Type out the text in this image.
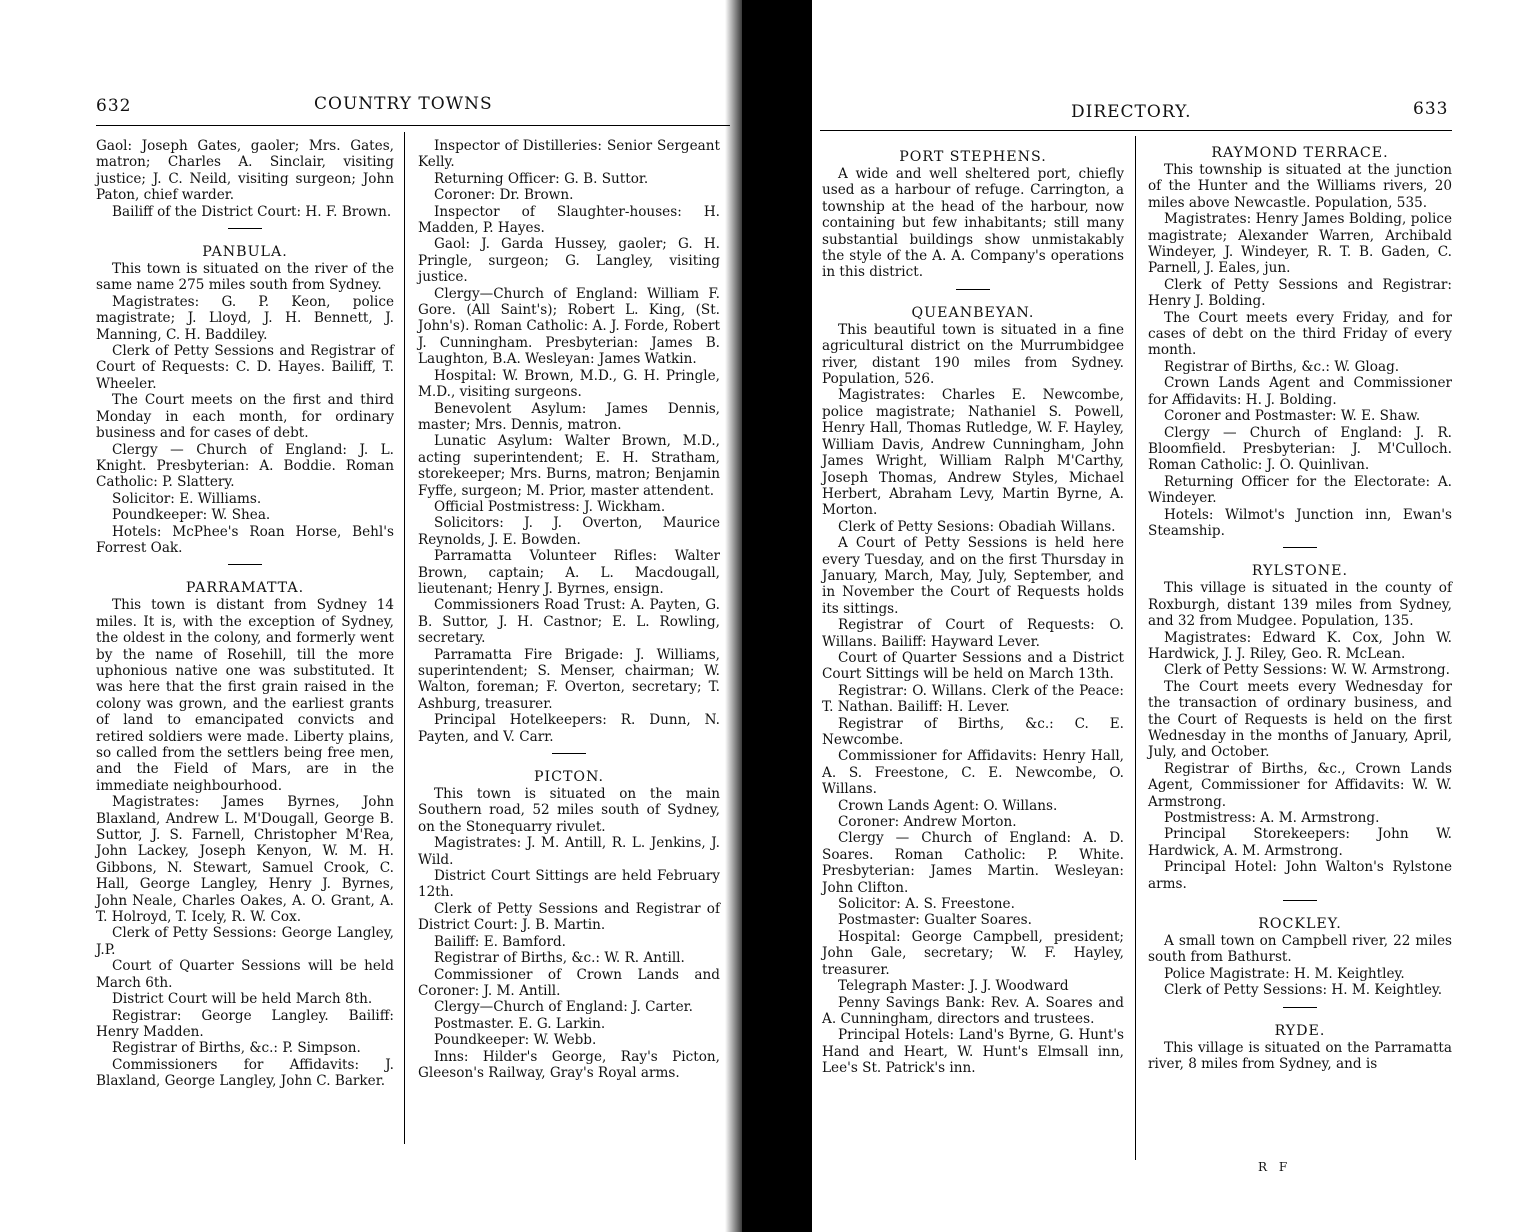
632	COUNTRY TOWNS	DIRECTORY.	633

Gaol: Joseph Gates, gaoler; Mrs. Gates, matron; Charles A. Sinclair, visiting justice; J. C. Neild, visiting surgeon; John Paton, chief warder.

Bailiff of the District Court: H. F. Brown.

PANBULA.

This town is situated on the river of the same name 275 miles south from Sydney.

Magistrates: G. P. Keon, police magistrate; J. Lloyd, J. H. Bennett, J. Manning, C. H. Baddiley.

Clerk of Petty Sessions and Registrar of Court of Requests: C. D. Hayes. Bailiff, T. Wheeler.

The Court meets on the first and third Monday in each month, for ordinary business and for cases of debt.

Clergy — Church of England: J. L. Knight. Presbyterian: A. Boddie. Roman Catholic: P. Slattery.

Solicitor: E. Williams.

Poundkeeper: W. Shea.

Hotels: McPhee's Roan Horse, Behl's Forrest Oak.

PARRAMATTA.

This town is distant from Sydney 14 miles. It is, with the exception of Sydney, the oldest in the colony, and formerly went by the name of Rosehill, till the more uphonious native one was substituted. It was here that the first grain raised in the colony was grown, and the earliest grants of land to emancipated convicts and retired soldiers were made. Liberty plains, so called from the settlers being free men, and the Field of Mars, are in the immediate neighbourhood.

Magistrates: James Byrnes, John Blaxland, Andrew L. M'Dougall, George B. Suttor, J. S. Farnell, Christopher M'Rea, John Lackey, Joseph Kenyon, W. M. H. Gibbons, N. Stewart, Samuel Crook, C. Hall, George Langley, Henry J. Byrnes, John Neale, Charles Oakes, A. O. Grant, A. T. Holroyd, T. Icely, R. W. Cox.

Clerk of Petty Sessions: George Langley, J.P.

Court of Quarter Sessions will be held March 6th.

District Court will be held March 8th.

Registrar: George Langley. Bailiff: Henry Madden.

Registrar of Births, &c.: P. Simpson.

Commissioners for Affidavits: J. Blaxland, George Langley, John C. Barker.

Inspector of Distilleries: Senior Sergeant Kelly.

Returning Officer: G. B. Suttor.

Coroner: Dr. Brown.

Inspector of Slaughter-houses: H. Madden, P. Hayes.

Gaol: J. Garda Hussey, gaoler; G. H. Pringle, surgeon; G. Langley, visiting justice.

Clergy—Church of England: William F. Gore. (All Saint's); Robert L. King, (St. John's). Roman Catholic: A. J. Forde, Robert J. Cunningham. Presbyterian: James B. Laughton, B.A. Wesleyan: James Watkin.

Hospital: W. Brown, M.D., G. H. Pringle, M.D., visiting surgeons.

Benevolent Asylum: James Dennis, master; Mrs. Dennis, matron.

Lunatic Asylum: Walter Brown, M.D., acting superintendent; E. H. Stratham, storekeeper; Mrs. Burns, matron; Benjamin Fyffe, surgeon; M. Prior, master attendent.

Official Postmistress: J. Wickham.

Solicitors: J. J. Overton, Maurice Reynolds, J. E. Bowden.

Parramatta Volunteer Rifles: Walter Brown, captain; A. L. Macdougall, lieutenant; Henry J. Byrnes, ensign.

Commissioners Road Trust: A. Payten, G. B. Suttor, J. H. Castnor; E. L. Rowling, secretary.

Parramatta Fire Brigade: J. Williams, superintendent; S. Menser, chairman; W. Walton, foreman; F. Overton, secretary; T. Ashburg, treasurer.

Principal Hotelkeepers: R. Dunn, N. Payten, and V. Carr.

PICTON.

This town is situated on the main Southern road, 52 miles south of Sydney, on the Stonequarry rivulet.

Magistrates: J. M. Antill, R. L. Jenkins, J. Wild.

District Court Sittings are held February 12th.

Clerk of Petty Sessions and Registrar of District Court: J. B. Martin.

Bailiff: E. Bamford.

Registrar of Births, &c.: W. R. Antill.

Commissioner of Crown Lands and Coroner: J. M. Antill.

Clergy—Church of England: J. Carter.

Postmaster. E. G. Larkin.

Poundkeeper: W. Webb.

Inns: Hilder's George, Ray's Picton, Gleeson's Railway, Gray's Royal arms.

PORT STEPHENS.

A wide and well sheltered port, chiefly used as a harbour of refuge. Carrington, a township at the head of the harbour, now containing but few inhabitants; still many substantial buildings show unmistakably the style of the A. A. Company's operations in this district.

QUEANBEYAN.

This beautiful town is situated in a fine agricultural district on the Murrumbidgee river, distant 190 miles from Sydney. Population, 526.

Magistrates: Charles E. Newcombe, police magistrate; Nathaniel S. Powell, Henry Hall, Thomas Rutledge, W. F. Hayley, William Davis, Andrew Cunningham, John James Wright, William Ralph M'Carthy, Joseph Thomas, Andrew Styles, Michael Herbert, Abraham Levy, Martin Byrne, A. Morton.

Clerk of Petty Sesions: Obadiah Willans.

A Court of Petty Sessions is held here every Tuesday, and on the first Thursday in January, March, May, July, September, and in November the Court of Requests holds its sittings.

Registrar of Court of Requests: O. Willans. Bailiff: Hayward Lever.

Court of Quarter Sessions and a District Court Sittings will be held on March 13th.

Registrar: O. Willans. Clerk of the Peace: T. Nathan. Bailiff: H. Lever.

Registrar of Births, &c.: C. E. Newcombe.

Commissioner for Affidavits: Henry Hall, A. S. Freestone, C. E. Newcombe, O. Willans.

Crown Lands Agent: O. Willans.

Coroner: Andrew Morton.

Clergy — Church of England: A. D. Soares. Roman Catholic: P. White. Presbyterian: James Martin. Wesleyan: John Clifton.

Solicitor: A. S. Freestone.

Postmaster: Gualter Soares.

Hospital: George Campbell, president; John Gale, secretary; W. F. Hayley, treasurer.

Telegraph Master: J. J. Woodward

Penny Savings Bank: Rev. A. Soares and A. Cunningham, directors and trustees.

Principal Hotels: Land's Byrne, G. Hunt's Hand and Heart, W. Hunt's Elmsall inn, Lee's St. Patrick's inn.

RAYMOND TERRACE.

This township is situated at the junction of the Hunter and the Williams rivers, 20 miles above Newcastle. Population, 535.

Magistrates: Henry James Bolding, police magistrate; Alexander Warren, Archibald Windeyer, J. Windeyer, R. T. B. Gaden, C. Parnell, J. Eales, jun.

Clerk of Petty Sessions and Registrar: Henry J. Bolding.

The Court meets every Friday, and for cases of debt on the third Friday of every month.

Registrar of Births, &c.: W. Gloag.

Crown Lands Agent and Commissioner for Affidavits: H. J. Bolding.

Coroner and Postmaster: W. E. Shaw.

Clergy — Church of England: J. R. Bloomfield. Presbyterian: J. M'Culloch. Roman Catholic: J. O. Quinlivan.

Returning Officer for the Electorate: A. Windeyer.

Hotels: Wilmot's Junction inn, Ewan's Steamship.

RYLSTONE.

This village is situated in the county of Roxburgh, distant 139 miles from Sydney, and 32 from Mudgee. Population, 135.

Magistrates: Edward K. Cox, John W. Hardwick, J. J. Riley, Geo. R. McLean.

Clerk of Petty Sessions: W. W. Armstrong.

The Court meets every Wednesday for the transaction of ordinary business, and the Court of Requests is held on the first Wednesday in the months of January, April, July, and October.

Registrar of Births, &c., Crown Lands Agent, Commissioner for Affidavits: W. W. Armstrong.

Postmistress: A. M. Armstrong.

Principal Storekeepers: John W. Hardwick, A. M. Armstrong.

Principal Hotel: John Walton's Rylstone arms.

ROCKLEY.

A small town on Campbell river, 22 miles south from Bathurst.

Police Magistrate: H. M. Keightley.

Clerk of Petty Sessions: H. M. Keightley.

RYDE.

This village is situated on the Parramatta river, 8 miles from Sydney, and is

R F
